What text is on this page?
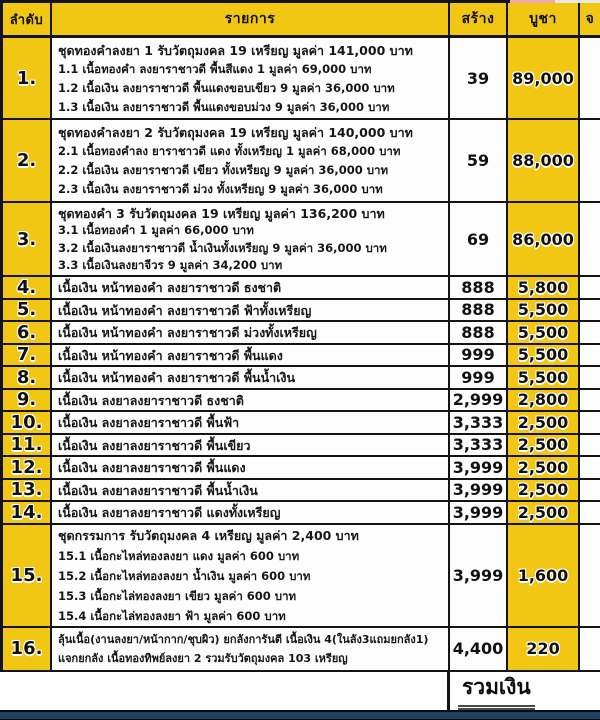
ลำดับ	รายการ	สร้าง บูชา จ
1.
ชุดทองคำลงยา 1 รับวัตถุมงคล 19 เหรียญ มูลค่า 141,000 บาท
1.1 เนื้อทองคำ ลงยาราชาวดี พื้นสีแดง 1 มูลค่า 69,000 บาท
1.2 เนื้อเงิน ลงยาราชาวดี พื้นแดงขอบเขียว 9 มูลค่า 36,000 บาท
1.3 เนื้อเงิน ลงยาราชาวดี พื้นแดงขอบม่วง 9 มูลค่า 36,000 บาท
39 89,000
2.
ชุดทองคำลงยา 2 รับวัตถุมงคล 19 เหรียญ มูลค่า 140,000 บาท
2.1 เนื้อทองคำลง ยาราชาวดี แดง ทั้งเหรียญ 1 มูลค่า 68,000 บาท
2.2 เนื้อเงิน ลงยาราชาวดี เขียว ทั้งเหรียญ 9 มูลค่า 36,000 บาท
2.3 เนื้อเงิน ลงยาราชาวดี ม่วง ทั้งเหรียญ 9 มูลค่า 36,000 บาท
59 88,000
3.
ชุดทองคำ 3 รับวัตถุมงคล 19 เหรียญ มูลค่า 136,200 บาท
3.1 เนื้อทองคำ 1 มูลค่า 66,000 บาท
3.2 เนื้อเงินลงยาราชาวดี น้ำเงินทั้งเหรียญ 9 มูลค่า 36,000 บาท
3.3 เนื้อเงินลงยาจีวร 9 มูลค่า 34,200 บาท
69 86,000
4. เนื้อเงิน หน้าทองคำ ลงยาราชาวดี ธงชาติ	888 5,800
5. เนื้อเงิน หน้าทองคำ ลงยาราชาวดี ฟ้าทั้งเหรียญ	888 5,500
6. เนื้อเงิน หน้าทองคำ ลงยาราชาวดี ม่วงทั้งเหรียญ	888 5,500
7. เนื้อเงิน หน้าทองคำ ลงยาราชาวดี พื้นแดง	999 5,500
8. เนื้อเงิน หน้าทองคำ ลงยาราชาวดี พื้นน้ำเงิน	999 5,500
9. เนื้อเงิน ลงยาลงยาราชาวดี ธงชาติ	2,999 2,800
10. เนื้อเงิน ลงยาลงยาราชาวดี พื้นฟ้า	3,333 2,500
11. เนื้อเงิน ลงยาลงยาราชาวดี พื้นเขียว	3,333 2,500
12. เนื้อเงิน ลงยาลงยาราชาวดี พื้นแดง	3,999 2,500
13. เนื้อเงิน ลงยาลงยาราชาวดี พื้นน้ำเงิน	3,999 2,500
14. เนื้อเงิน ลงยาลงยาราชาวดี แดงทั้งเหรียญ	3,999 2,500
15.
ชุดกรรมการ รับวัตถุมงคล 4 เหรียญ มูลค่า 2,400 บาท
15.1 เนื้อกะไหล่ทองลงยา แดง มูลค่า 600 บาท
15.2 เนื้อกะไหล่ทองลงยา น้ำเงิน มูลค่า 600 บาท
15.3 เนื้อกะไล่ทองลงยา เขียว มูลค่า 600 บาท
15.4 เนื้อกะไล่ทองลงยา ฟ้า มูลค่า 600 บาท
3,999 1,600
16. ลุ้นเนื้อ(งานลงยา/หน้ากาก/ชุบผิว) ยกลังการันตี เนื้อเงิน 4(ในลัง3แถมยกลัง1)
แจกยกลัง เนื้อทองทิพย์ลงยา 2 รวมรับวัตถุมงคล 103 เหรียญ
4,400 220
รวมเงิน
